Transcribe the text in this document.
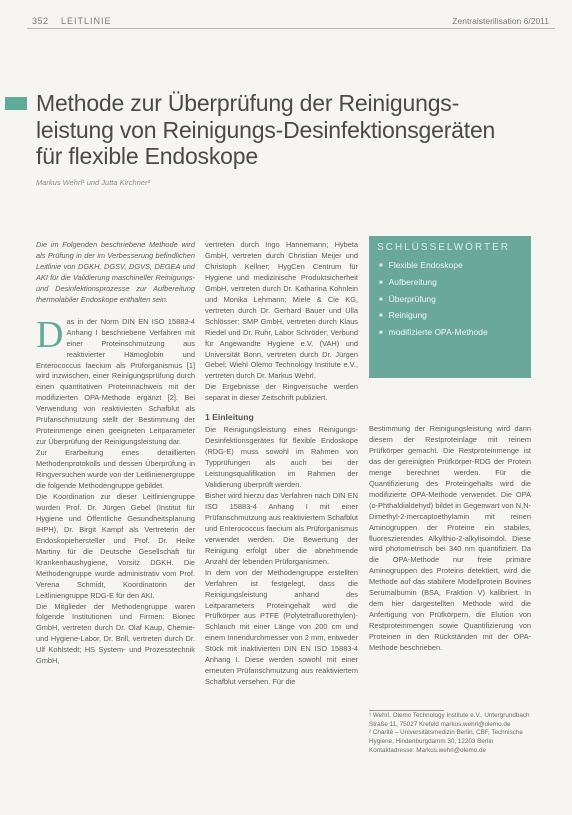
352 LEITLINIE	Zentralsterilisation 6/2011
Methode zur Überprüfung der Reinigungsleistung von Reinigungs-Desinfektionsgeräten für flexible Endoskope
Markus Wehrl¹ und Jutta Kirchner²

Die im Folgenden beschriebene Methode wird als Prüfung in der im Verbesserung befindlichen Leitlinie von DGKH, DGSV, DGVS, DEGEA und AKI für die Validierung maschineller Reinigungs- und Desinfektionsprozesse zur Aufbereitung thermolabiler Endoskope enthalten sein.

Das in der Norm DIN EN ISO 15883-4 Anhang I beschriebene Verfahren mit einer Proteinschmutzung aus reaktivierter Hämoglobin und Enterococcus faecium als Prüforganismus [1] wird inzwischen, einer Reinigungsprüfung durch einen quantitativen Proteinnachweis mit der modifizierten OPA-Methode ergänzt [2]. Bei Verwendung von reaktivierten Schafblut als Prüfanschmutzung stellt der Bestimmung der Proteinmenge einen geeigneten Leitparameter zur Überprüfung der Reinigungsleistung dar.

Zur Erarbeitung eines detaillierten Methodenprotokolls und dessen Überprüfung in Ringversuchen wurde von der Leitlinienergruppe die folgende Methodengruppe gebildet.

Die Koordination zur dieser Leitliniengruppe wurden Prof. Dr. Jürgen Gebel (Institut für Hygiene und Öffentliche Gesundheitsplanung IHPH), Dr. Birgit Kampf als Vertreterin der Endoskopiehersteller und Prof. Dr. Heike Martiny für die Deutsche Gesellschaft für Krankenhaushygiene, Vorsitz DGKH. Die Methodengruppe wurde administrativ vom Prof. Verena Schmidt, Koordinatorin der Leitliniengruppe RDG-E für den AKI.

Die Mitglieder der Methodengruppe waren folgende Institutionen und Firmen: Bionec GmbH, vertreten durch Dr. Olaf Kaup, Chemie- und Hygiene-Labor, Dr. Brill, vertreten durch Dr. Ulf Kohlstedt; HS System- und Prozesstechnik GmbH,

vertreten durch Ingo Hannemann; Hybeta GmbH, vertreten durch Christian Meijer und Christoph Kellner; HygCen Centrum für Hygiene und medizinische Produktsicherheit GmbH, vertreten durch Dr. Katharina Kohnlein und Monika Lehmann; Miele & Cie KG, vertreten durch Dr. Gerhard Bauer und Ulla Schlösser; SMP GmbH, vertreten durch Klaus Riedel und Dr. Ruhr, Labor Schröder; Verbund für Angewandte Hygiene e.V. (VAH) und Universität Bonn, vertreten durch Dr. Jürgen Gebel; Wiehl Olemo Technology Institute e.V., vertreten durch Dr. Markus Wehrl.

Die Ergebnisse der Ringversuche werden separat in dieser Zeitschrift publiziert.

1 Einleitung

Die Reinigungsleistung eines Reinigungs-Desinfektionsgerätes für flexible Endoskope (RDG-E) muss sowohl im Rahmen von Typprüfungen als auch bei der Leistungsqualifikation im Rahmen der Validierung überprüft werden.

Bisher wird hierzu das Verfahren nach DIN EN ISO 15883-4 Anhang I mit einer Prüfanschmutzung aus reaktiviertem Schafblut und Enterococcus faecium als Prüforganismus verwendet werden. Die Bewertung der Reinigung erfolgt über die abnehmende Anzahl der lebenden Prüforganismen.

In dem von der Methodengruppe erstellten Verfahren ist festgelegt, dass die Reinigungsleistung anhand des Leitparameters Proteingehalt wird die Prüfkörper aus PTFE (Polytetrafluorethylen)-Schlauch mit einer Länge von 200 cm und einem Innendurchmesser von 2 mm, entweder Stück mit inaktivierten DIN EN ISO 15883-4 Anhang I. Diese werden sowohl mit einer erneuten Prüfanschmutzung aus reaktiviertem Schafblut versehen. Für die

SCHLÜSSELWÖRTER
■ Flexible Endoskope
■ Aufbereitung
■ Überprüfung
■ Reinigung
■ modifizierte OPA-Methode

Bestimmung der Reinigungsleistung wird dann diesem der Restproteinlage mit reinem Prüfkörper gemacht. Die Restproteinmenge ist das der gereinigten Prüfkörper-RDG der Protein menge berechnet werden. Für die Quantifizierung des Proteingehalts wird die modifizierte OPA-Methode verwendet. Die OPA (o-Phthaldialdehyd) bildet in Gegenwart von N,N-Dimethyl-2-mercaptoethylamin mit reinen Aminogruppen der Proteine ein stabiles, fluoreszierendes Alkylthio-2-alkylisoindol. Diese wird photometrisch bei 340 nm quantifiziert. Da die OPA-Methode nur freie primäre Aminogruppen des Proteins detektiert, wird die Methode auf das stabilere Modellprotein Bovines Serumalbumin (BSA, Fraktion V) kalibriert. In dem hier dargestellten Methode wird die Anfertigung von Prüfkörpern, die Elution von Restproteinmengen sowie Quantifizierung von Proteinen in den Rückständen mit der OPA-Methode beschrieben.

¹ Wehrl, Olemo Technology Institute e.V., Untergrundbach Straße 11, 75027 Krefeld markus.wehrl@olemo.de

² Charité – Universitätsmedizin Berlin, CBF, Technische Hygiene, Hindenburgdamm 30, 12203 Berlin

Kontaktadresse: Markus.wehrl@olemo.de
